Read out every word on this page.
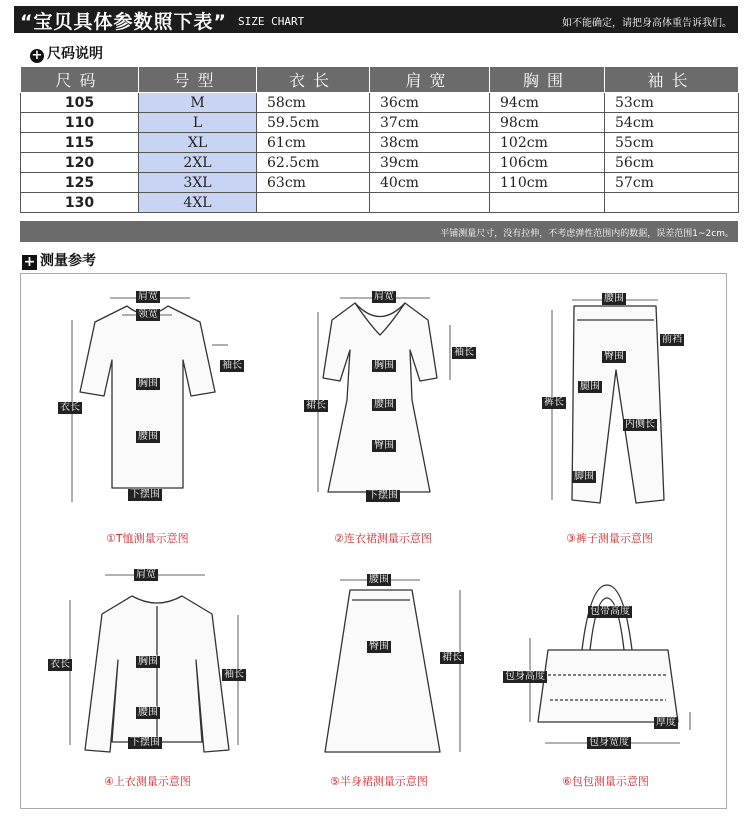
“宝贝具体参数照下表” SIZE CHART	如不能确定，请把身高体重告诉我们。
+ 尺码说明
尺码	号型	衣长	肩宽	胸围	袖长
105	M	58cm	36cm	94cm	53cm
110	L	59.5cm	37cm	98cm	54cm
115	XL	61cm	38cm	102cm	55cm
120	2XL	62.5cm	39cm	106cm	56cm
125	3XL	63cm	40cm	110cm	57cm
130	4XL				
平铺测量尺寸，没有拉伸，不考虑弹性范围内的数据，误差范围1~2cm。
+ 测量参考
肩宽
领宽
袖长
胸围
衣长
腰围
下摆围
①T恤测量示意图
肩宽
袖长
胸围
裙长	腰围
臀围
下摆围
②连衣裙测量示意图
腰围
前裆
臀围
裤长
腿围
内侧长
脚围
③裤子测量示意图
肩宽
衣长	胸围
袖长
腰围
下摆围
④上衣测量示意图
腰围
臀围
裙长
⑤半身裙测量示意图
包带高度
包身高度
厚度
包身宽度
⑥包包测量示意图
